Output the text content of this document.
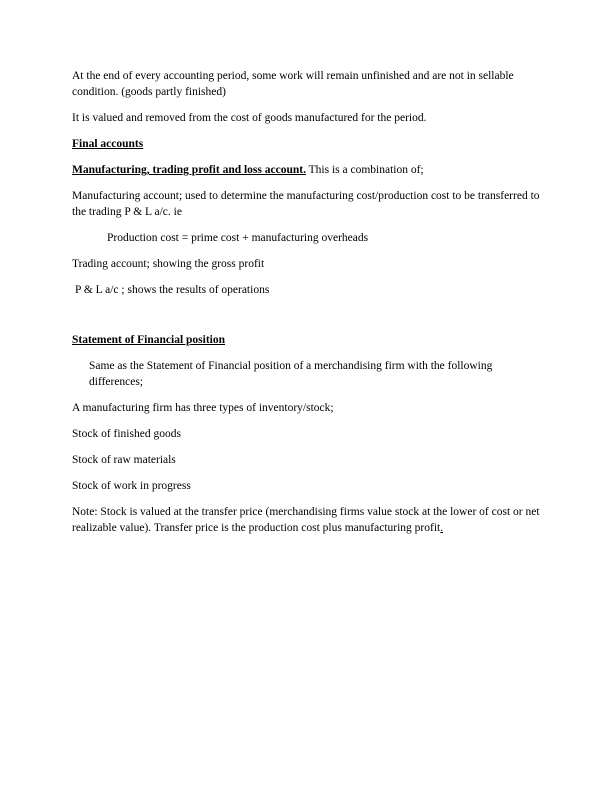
At the end of every accounting period, some work will remain unfinished and are not in sellable condition. (goods partly finished)

It is valued and removed from the cost of goods manufactured for the period.

Final accounts

Manufacturing, trading profit and loss account. This is a combination of;

Manufacturing account; used to determine the manufacturing cost/production cost to be transferred to the trading P & L a/c. ie

Production cost = prime cost + manufacturing overheads

Trading account; showing the gross profit

P & L a/c ; shows the results of operations

Statement of Financial position

Same as the Statement of Financial position of a merchandising firm with the following differences;

A manufacturing firm has three types of inventory/stock;

Stock of finished goods

Stock of raw materials

Stock of work in progress

Note: Stock is valued at the transfer price (merchandising firms value stock at the lower of cost or net realizable value). Transfer price is the production cost plus manufacturing profit.
